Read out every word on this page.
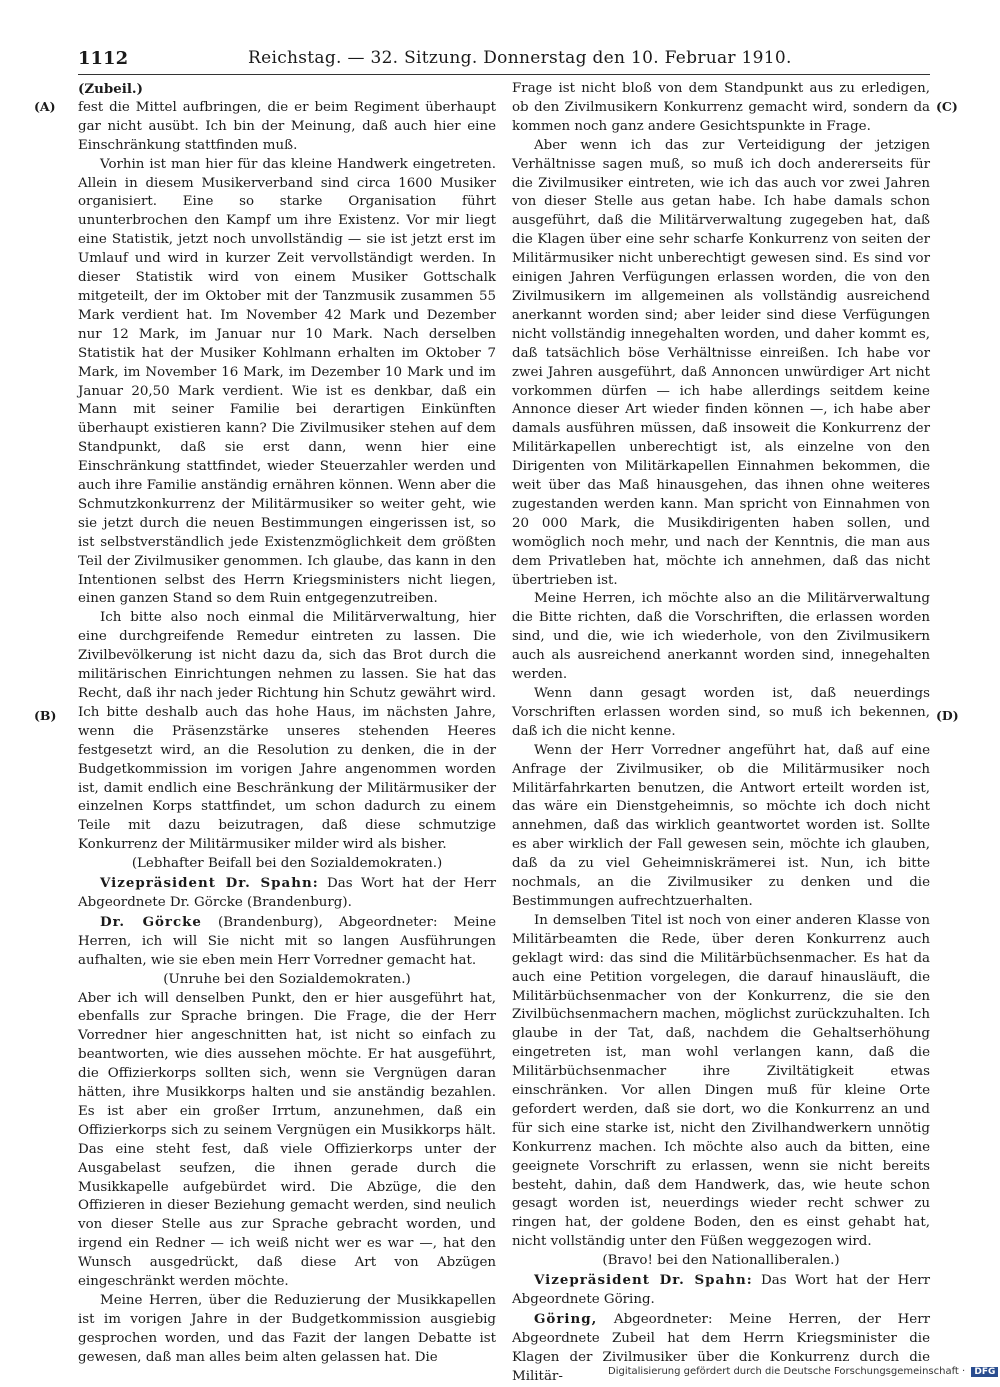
1112	Reichstag. — 32. Sitzung. Donnerstag den 10. Februar 1910.
(A)
(B)
(C)
(D)

(Zubeil.)

fest die Mittel aufbringen, die er beim Regiment überhaupt gar nicht ausübt. Ich bin der Meinung, daß auch hier eine Einschränkung stattfinden muß.

Vorhin ist man hier für das kleine Handwerk eingetreten. Allein in diesem Musikerverband sind circa 1600 Musiker organisiert. Eine so starke Organisation führt ununterbrochen den Kampf um ihre Existenz. Vor mir liegt eine Statistik, jetzt noch unvollständig — sie ist jetzt erst im Umlauf und wird in kurzer Zeit vervollständigt werden. In dieser Statistik wird von einem Musiker Gottschalk mitgeteilt, der im Oktober mit der Tanzmusik zusammen 55 Mark verdient hat. Im November 42 Mark und Dezember nur 12 Mark, im Januar nur 10 Mark. Nach derselben Statistik hat der Musiker Kohlmann erhalten im Oktober 7 Mark, im November 16 Mark, im Dezember 10 Mark und im Januar 20,50 Mark verdient. Wie ist es denkbar, daß ein Mann mit seiner Familie bei derartigen Einkünften überhaupt existieren kann? Die Zivilmusiker stehen auf dem Standpunkt, daß sie erst dann, wenn hier eine Einschränkung stattfindet, wieder Steuerzahler werden und auch ihre Familie anständig ernähren können. Wenn aber die Schmutzkonkurrenz der Militärmusiker so weiter geht, wie sie jetzt durch die neuen Bestimmungen eingerissen ist, so ist selbstverständlich jede Existenzmöglichkeit dem größten Teil der Zivilmusiker genommen. Ich glaube, das kann in den Intentionen selbst des Herrn Kriegsministers nicht liegen, einen ganzen Stand so dem Ruin entgegenzutreiben.

Ich bitte also noch einmal die Militärverwaltung, hier eine durchgreifende Remedur eintreten zu lassen. Die Zivilbevölkerung ist nicht dazu da, sich das Brot durch die militärischen Einrichtungen nehmen zu lassen. Sie hat das Recht, daß ihr nach jeder Richtung hin Schutz gewährt wird. Ich bitte deshalb auch das hohe Haus, im nächsten Jahre, wenn die Präsenzstärke unseres stehenden Heeres festgesetzt wird, an die Resolution zu denken, die in der Budgetkommission im vorigen Jahre angenommen worden ist, damit endlich eine Beschränkung der Militärmusiker der einzelnen Korps stattfindet, um schon dadurch zu einem Teile mit dazu beizutragen, daß diese schmutzige Konkurrenz der Militärmusiker milder wird als bisher.

(Lebhafter Beifall bei den Sozialdemokraten.)

Vizepräsident Dr. Spahn: Das Wort hat der Herr Abgeordnete Dr. Görcke (Brandenburg).

Dr. Görcke (Brandenburg), Abgeordneter: Meine Herren, ich will Sie nicht mit so langen Ausführungen aufhalten, wie sie eben mein Herr Vorredner gemacht hat.

(Unruhe bei den Sozialdemokraten.)

Aber ich will denselben Punkt, den er hier ausgeführt hat, ebenfalls zur Sprache bringen. Die Frage, die der Herr Vorredner hier angeschnitten hat, ist nicht so einfach zu beantworten, wie dies aussehen möchte. Er hat ausgeführt, die Offizierkorps sollten sich, wenn sie Vergnügen daran hätten, ihre Musikkorps halten und sie anständig bezahlen. Es ist aber ein großer Irrtum, anzunehmen, daß ein Offizierkorps sich zu seinem Vergnügen ein Musikkorps hält. Das eine steht fest, daß viele Offizierkorps unter der Ausgabelast seufzen, die ihnen gerade durch die Musikkapelle aufgebürdet wird. Die Abzüge, die den Offizieren in dieser Beziehung gemacht werden, sind neulich von dieser Stelle aus zur Sprache gebracht worden, und irgend ein Redner — ich weiß nicht wer es war —, hat den Wunsch ausgedrückt, daß diese Art von Abzügen eingeschränkt werden möchte.

Meine Herren, über die Reduzierung der Musikkapellen ist im vorigen Jahre in der Budgetkommission ausgiebig gesprochen worden, und das Fazit der langen Debatte ist gewesen, daß man alles beim alten gelassen hat. Die

Frage ist nicht bloß von dem Standpunkt aus zu erledigen, ob den Zivilmusikern Konkurrenz gemacht wird, sondern da kommen noch ganz andere Gesichtspunkte in Frage.

Aber wenn ich das zur Verteidigung der jetzigen Verhältnisse sagen muß, so muß ich doch andererseits für die Zivilmusiker eintreten, wie ich das auch vor zwei Jahren von dieser Stelle aus getan habe. Ich habe damals schon ausgeführt, daß die Militärverwaltung zugegeben hat, daß die Klagen über eine sehr scharfe Konkurrenz von seiten der Militärmusiker nicht unberechtigt gewesen sind. Es sind vor einigen Jahren Verfügungen erlassen worden, die von den Zivilmusikern im allgemeinen als vollständig ausreichend anerkannt worden sind; aber leider sind diese Verfügungen nicht vollständig innegehalten worden, und daher kommt es, daß tatsächlich böse Verhältnisse einreißen. Ich habe vor zwei Jahren ausgeführt, daß Annoncen unwürdiger Art nicht vorkommen dürfen — ich habe allerdings seitdem keine Annonce dieser Art wieder finden können —, ich habe aber damals ausführen müssen, daß insoweit die Konkurrenz der Militärkapellen unberechtigt ist, als einzelne von den Dirigenten von Militärkapellen Einnahmen bekommen, die weit über das Maß hinausgehen, das ihnen ohne weiteres zugestanden werden kann. Man spricht von Einnahmen von 20 000 Mark, die Musikdirigenten haben sollen, und womöglich noch mehr, und nach der Kenntnis, die man aus dem Privatleben hat, möchte ich annehmen, daß das nicht übertrieben ist.

Meine Herren, ich möchte also an die Militärverwaltung die Bitte richten, daß die Vorschriften, die erlassen worden sind, und die, wie ich wiederhole, von den Zivilmusikern auch als ausreichend anerkannt worden sind, innegehalten werden.

Wenn dann gesagt worden ist, daß neuerdings Vorschriften erlassen worden sind, so muß ich bekennen, daß ich die nicht kenne.

Wenn der Herr Vorredner angeführt hat, daß auf eine Anfrage der Zivilmusiker, ob die Militärmusiker noch Militärfahrkarten benutzen, die Antwort erteilt worden ist, das wäre ein Dienstgeheimnis, so möchte ich doch nicht annehmen, daß das wirklich geantwortet worden ist. Sollte es aber wirklich der Fall gewesen sein, möchte ich glauben, daß da zu viel Geheimniskrämerei ist. Nun, ich bitte nochmals, an die Zivilmusiker zu denken und die Bestimmungen aufrechtzuerhalten.

In demselben Titel ist noch von einer anderen Klasse von Militärbeamten die Rede, über deren Konkurrenz auch geklagt wird: das sind die Militärbüchsenmacher. Es hat da auch eine Petition vorgelegen, die darauf hinausläuft, die Militärbüchsenmacher von der Konkurrenz, die sie den Zivilbüchsenmachern machen, möglichst zurückzuhalten. Ich glaube in der Tat, daß, nachdem die Gehaltserhöhung eingetreten ist, man wohl verlangen kann, daß die Militärbüchsenmacher ihre Ziviltätigkeit etwas einschränken. Vor allen Dingen muß für kleine Orte gefordert werden, daß sie dort, wo die Konkurrenz an und für sich eine starke ist, nicht den Zivilhandwerkern unnötig Konkurrenz machen. Ich möchte also auch da bitten, eine geeignete Vorschrift zu erlassen, wenn sie nicht bereits besteht, dahin, daß dem Handwerk, das, wie heute schon gesagt worden ist, neuerdings wieder recht schwer zu ringen hat, der goldene Boden, den es einst gehabt hat, nicht vollständig unter den Füßen weggezogen wird.

(Bravo! bei den Nationalliberalen.)

Vizepräsident Dr. Spahn: Das Wort hat der Herr Abgeordnete Göring.

Göring, Abgeordneter: Meine Herren, der Herr Abgeordnete Zubeil hat dem Herrn Kriegsminister die Klagen der Zivilmusiker über die Konkurrenz durch die Militär-	Digitalisierung gefördert durch die Deutsche Forschungsgemeinschaft · DFG
